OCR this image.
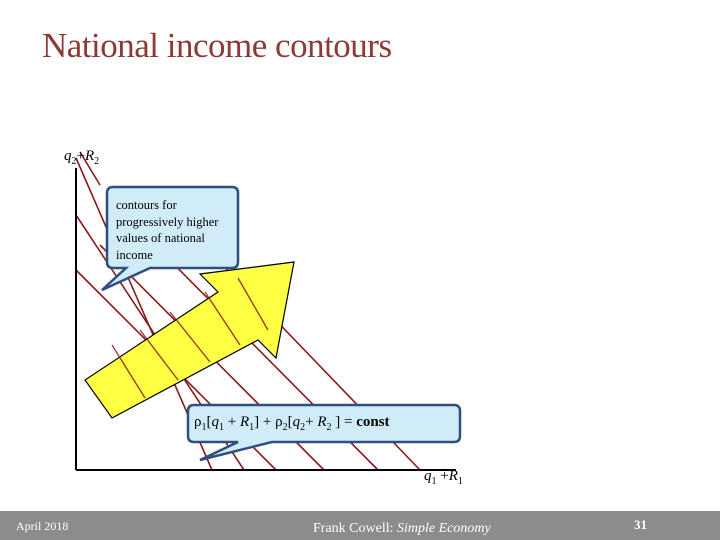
National income contours
$q_2+R_2$
$q_1 +R_1$
contours for progressively higher values of national income
$\rho_1[q_1 + R_1] + \rho_2[q_2+ R_2$ ] = const
April 2018	Frank Cowell: Simple Economy	31
